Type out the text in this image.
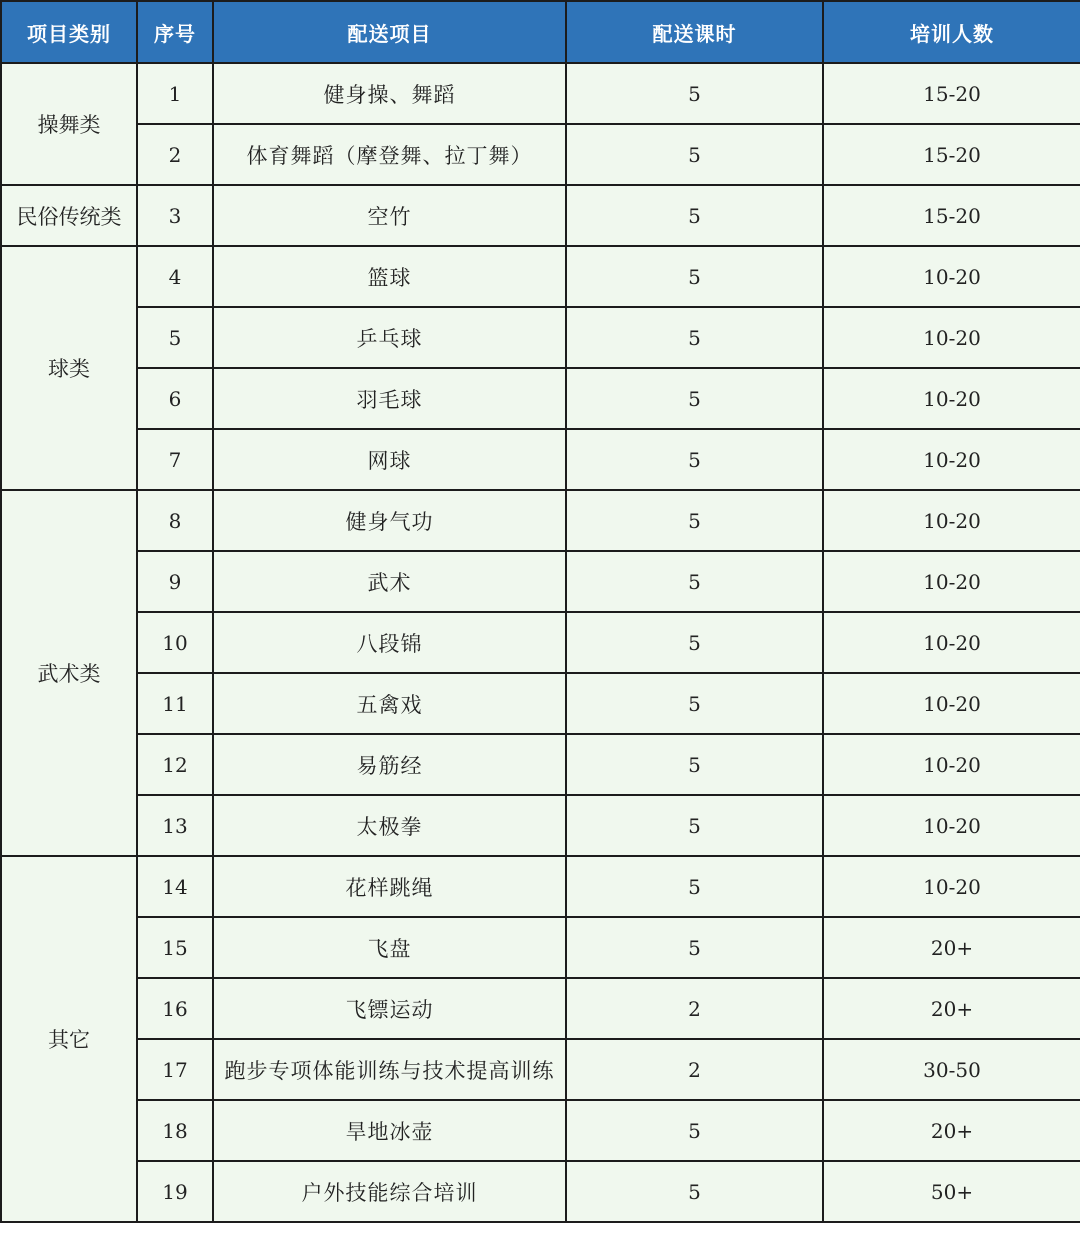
项目类别	序号	配送项目	配送课时	培训人数
操舞类	1	健身操、舞蹈	5	15-20
	2	体育舞蹈（摩登舞、拉丁舞）	5	15-20
民俗传统类	3	空竹	5	15-20
球类	4	篮球	5	10-20
	5	乒乓球	5	10-20
	6	羽毛球	5	10-20
	7	网球	5	10-20
武术类	8	健身气功	5	10-20
	9	武术	5	10-20
	10	八段锦	5	10-20
	11	五禽戏	5	10-20
	12	易筋经	5	10-20
	13	太极拳	5	10-20
其它	14	花样跳绳	5	10-20
	15	飞盘	5	20+
	16	飞镖运动	2	20+
	17	跑步专项体能训练与技术提高训练	2	30-50
	18	旱地冰壶	5	20+
	19	户外技能综合培训	5	50+
